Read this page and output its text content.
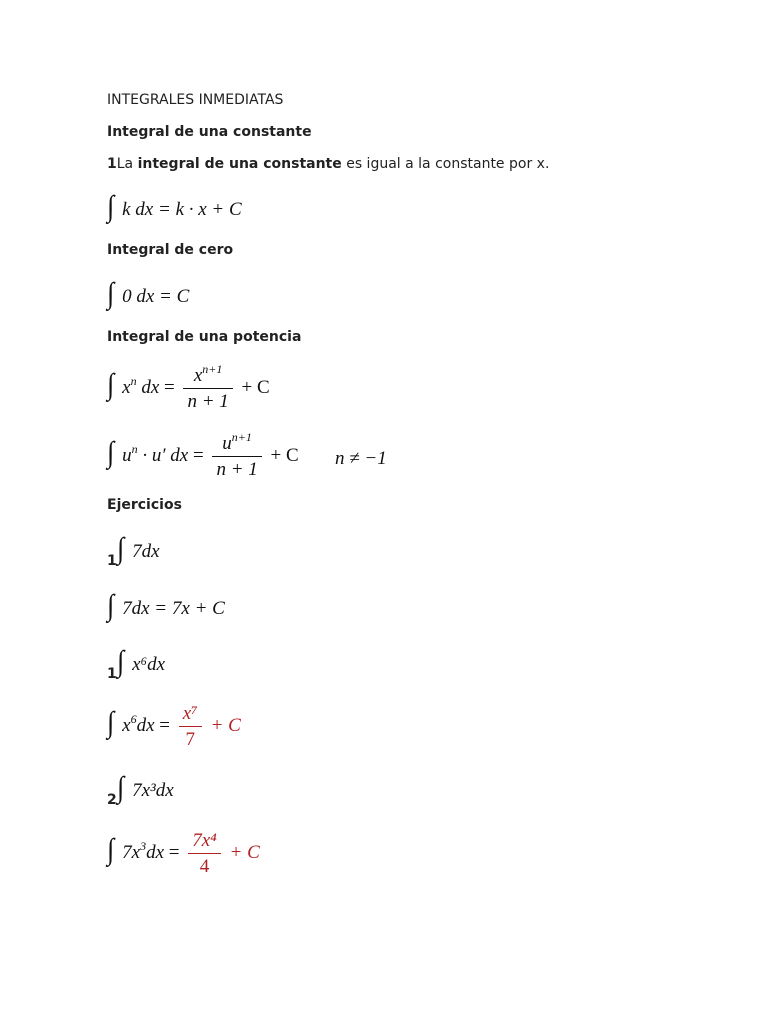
INTEGRALES INMEDIATAS
Integral de una constante
1La integral de una constante es igual a la constante por x.
∫ k dx = k · x + C
Integral de cero
∫ 0 dx = C
Integral de una potencia
∫ $x^n$ dx = $\frac{x^{n+1}}{n + 1} + C$
∫ $u^n \cdot u'$ dx = $\frac{u^{n+1}}{n + 1} + C$ n ≠ −1
Ejercicios
1 ∫ 7dx
∫ 7dx = 7x + C
1 ∫ x⁶dx
∫ $x^6dx = \frac{\text{x⁷}}{7} + C$
2 ∫ 7x³dx
∫ $7x^3dx = \frac{\text{7x⁴}}{4} + C$
